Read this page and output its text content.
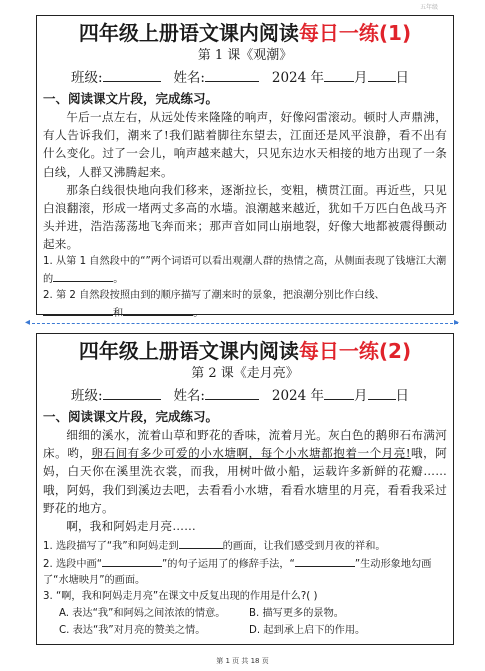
五年级
四年级上册语文课内阅读每日一练(1)
第 1 课《观潮》
班级:	姓名:	2024 年 月 日
一、阅读课文片段，完成练习。
午后一点左右，从远处传来隆隆的响声，好像闷雷滚动。顿时人声鼎沸，有人告诉我们，潮来了!我们踮着脚往东望去，江面还是风平浪静，看不出有什么变化。过了一会儿，响声越来越大，只见东边水天相接的地方出现了一条白线，人群又沸腾起来。
那条白线很快地向我们移来，逐渐拉长，变粗，横贯江面。再近些，只见白浪翻滚，形成一堵两丈多高的水墙。浪潮越来越近，犹如千万匹白色战马齐头并进，浩浩荡荡地飞奔而来；那声音如同山崩地裂，好像大地都被震得颤动起来。
1. 从第 1 自然段中的“”两个词语可以看出观潮人群的热情之高，从侧面表现了钱塘江大潮的	。
2. 第 2 自然段按照由到的顺序描写了潮来时的景象，把浪潮分别比作白线、和	。
◂	▸
四年级上册语文课内阅读每日一练(2)
第 2 课《走月亮》
班级:	姓名:	2024 年 月 日
一、阅读课文片段，完成练习。
细细的溪水，流着山草和野花的香味，流着月光。灰白色的鹅卵石布满河床。哟，卵石间有多少可爱的小水塘啊，每个小水塘都抱着一个月亮!哦，阿妈，白天你在溪里洗衣裳，而我，用树叶做小船，运载许多新鲜的花瓣……哦，阿妈，我们到溪边去吧，去看看小水塘，看看水塘里的月亮，看看我采过野花的地方。
啊，我和阿妈走月亮……
1. 选段描写了“我”和阿妈走到	的画面，让我们感受到月夜的祥和。
2. 选段中画“	”的句子运用了的修辞手法，“	”生动形象地勾画了“水塘映月”的画面。
3. “啊，我和阿妈走月亮”在课文中反复出现的作用是什么?( )
A. 表达“我”和阿妈之间浓浓的情意。 B. 描写更多的景物。
C. 表达“我”对月亮的赞美之情。	D. 起到承上启下的作用。
第 1 页 共 18 页
